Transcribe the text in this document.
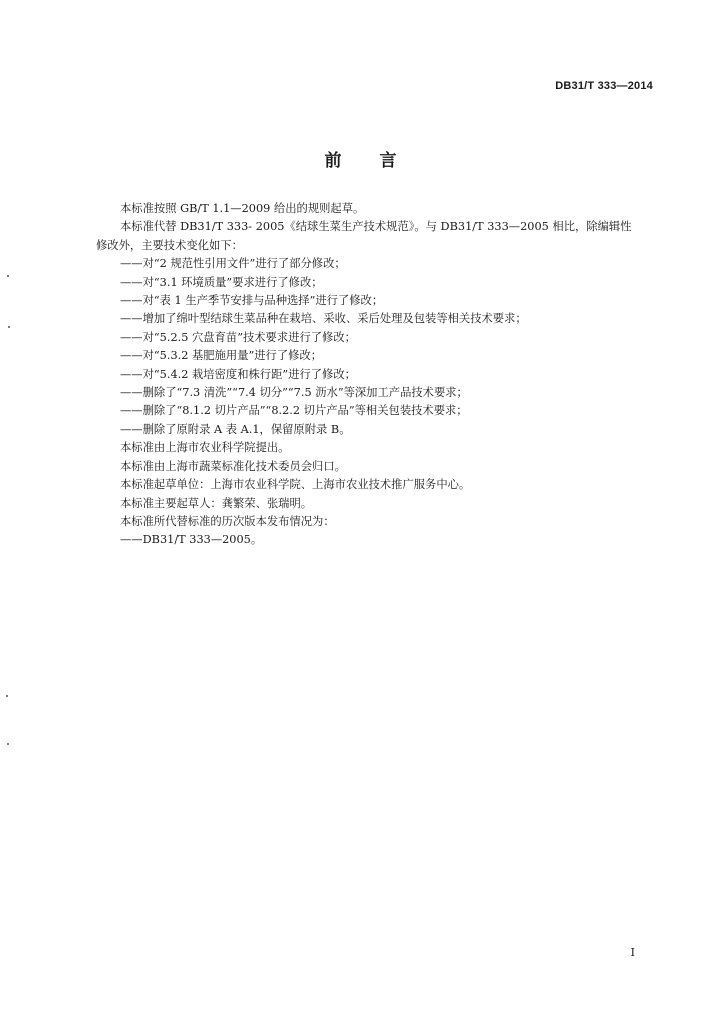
DB31/T 333—2014
前言

本标准按照 GB/T 1.1—2009 给出的规则起草。

本标准代替 DB31/T 333- 2005《结球生菜生产技术规范》。与 DB31/T 333—2005 相比，除编辑性

修改外，主要技术变化如下：

——对“2 规范性引用文件”进行了部分修改；

——对“3.1 环境质量”要求进行了修改；

——对“表 1 生产季节安排与品种选择”进行了修改；

——增加了绵叶型结球生菜品种在栽培、采收、采后处理及包装等相关技术要求；

——对“5.2.5 穴盘育苗”技术要求进行了修改；

——对“5.3.2 基肥施用量”进行了修改；

——对“5.4.2 栽培密度和株行距”进行了修改；

——删除了“7.3 清洗”“7.4 切分”“7.5 沥水”等深加工产品技术要求；

——删除了“8.1.2 切片产品”“8.2.2 切片产品”等相关包装技术要求；

——删除了原附录 A 表 A.1，保留原附录 B。

本标准由上海市农业科学院提出。

本标准由上海市蔬菜标准化技术委员会归口。

本标准起草单位：上海市农业科学院、上海市农业技术推广服务中心。

本标准主要起草人：龚繁荣、张瑞明。

本标准所代替标准的历次版本发布情况为：

——DB31/T 333—2005。

I
